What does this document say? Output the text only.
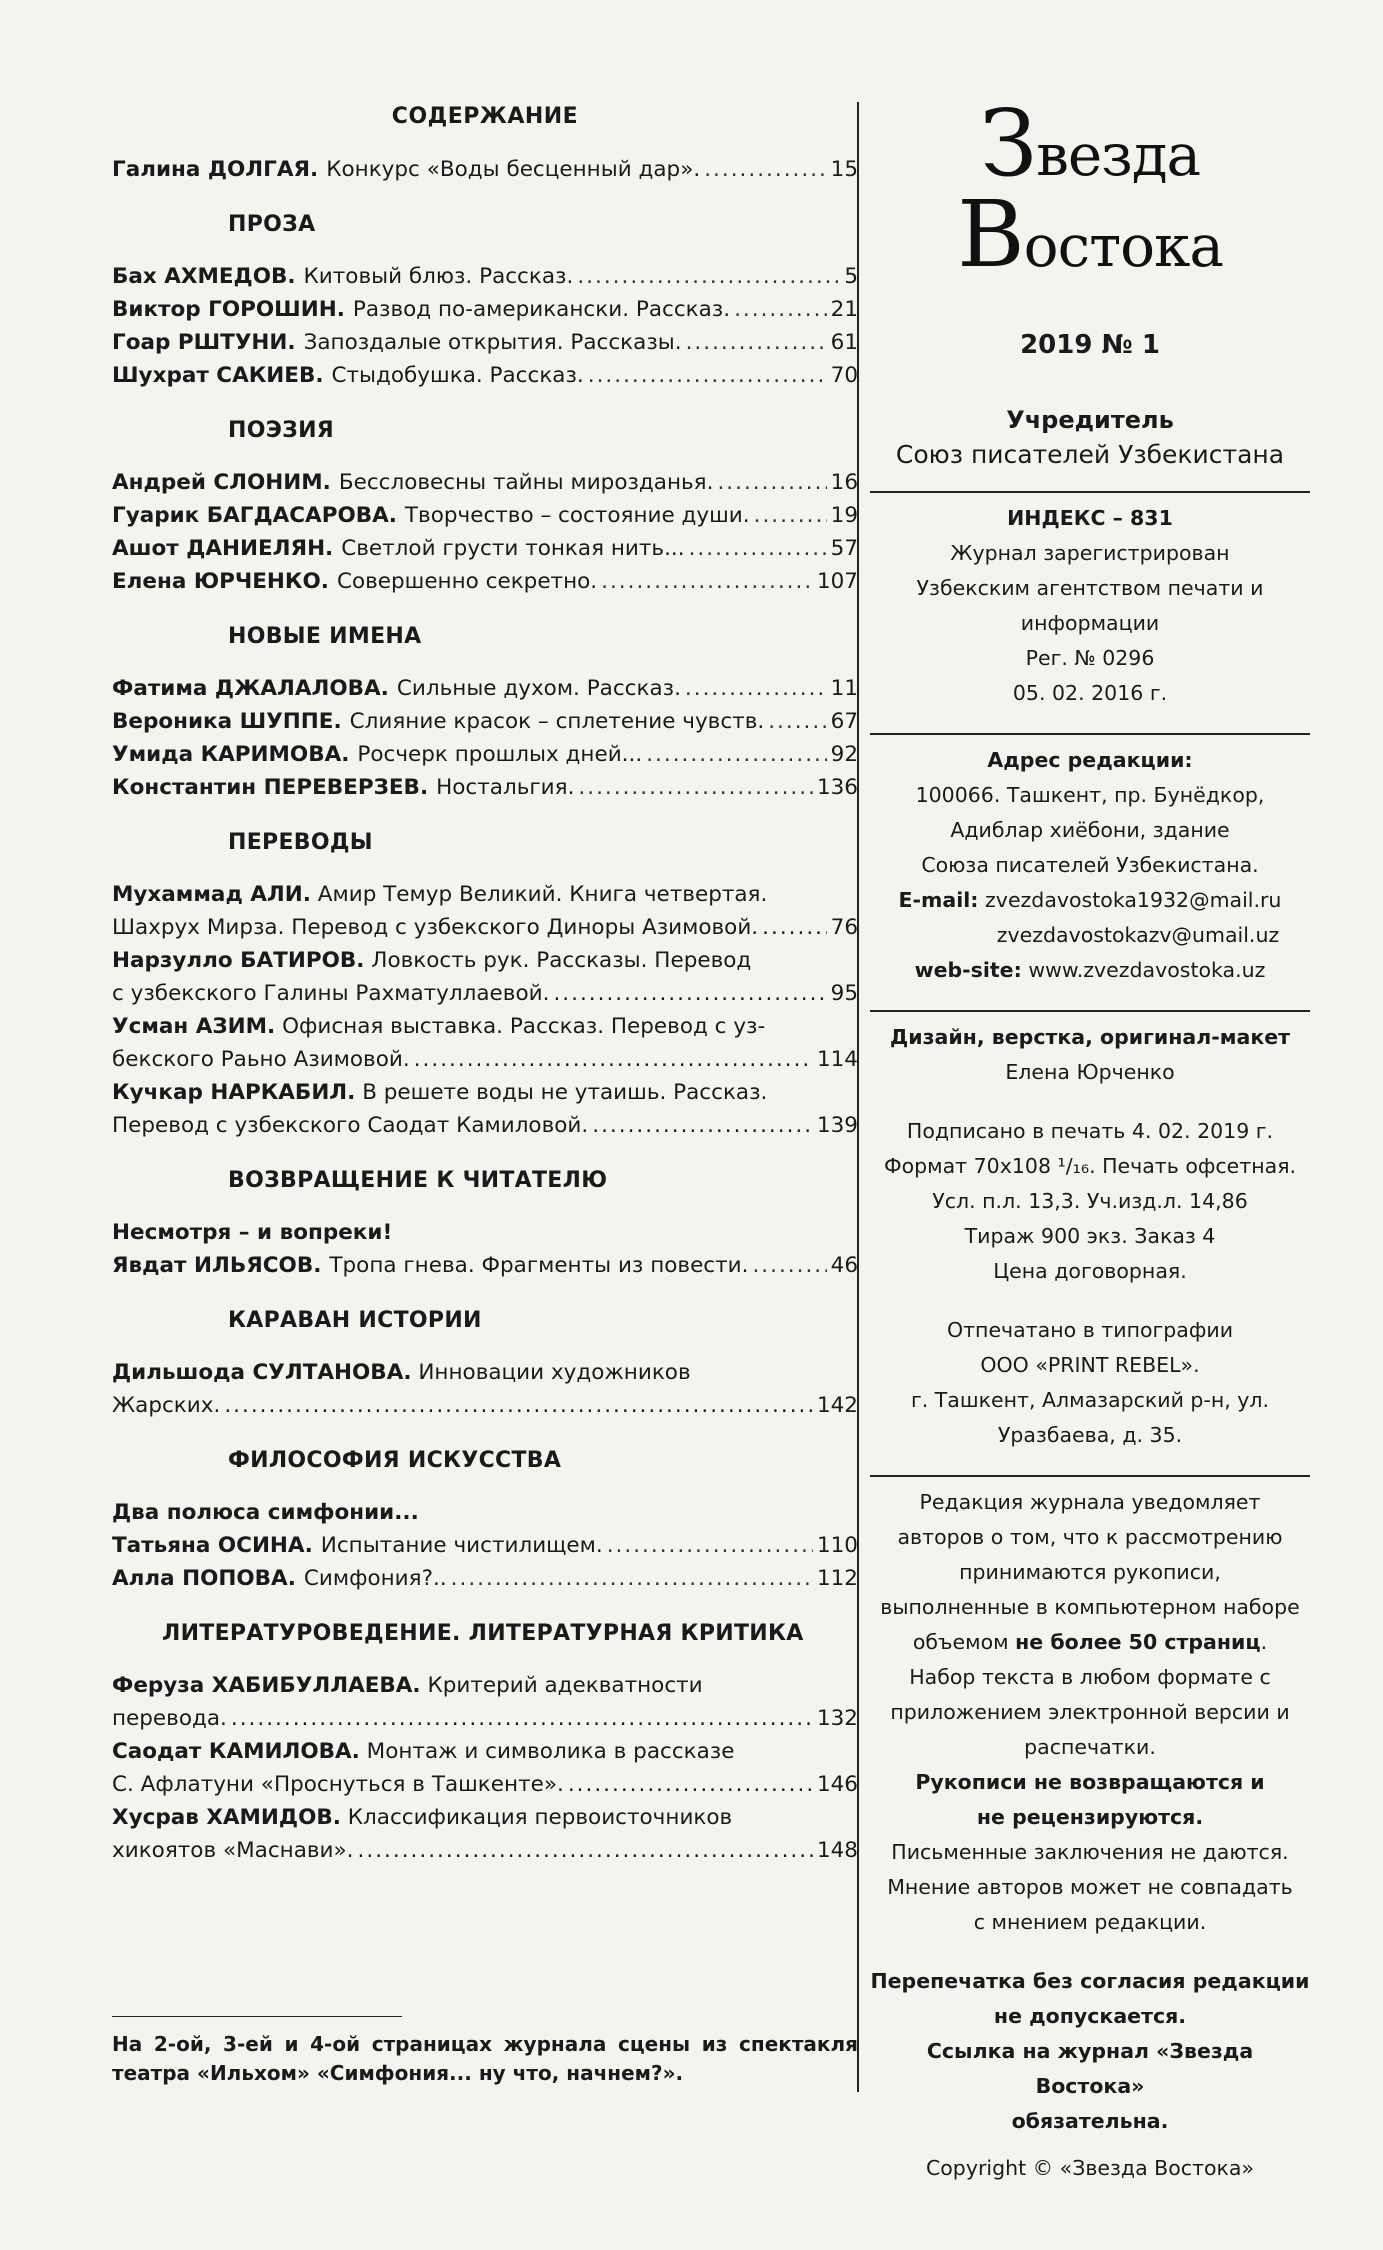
СОДЕРЖАНИЕ
Галина ДОЛГАЯ. Конкурс «Воды бесценный дар». .....	15
ПРОЗА
Бах АХМЕДОВ. Китовый блюз. Рассказ. .....	5
Виктор ГОРОШИН. Развод по-американски. Рассказ. .....	21
Гоар РШТУНИ. Запоздалые открытия. Рассказы. .....	61
Шухрат САКИЕВ. Стыдобушка. Рассказ. .....	70
ПОЭЗИЯ
Андрей СЛОНИМ. Бессловесны тайны мирозданья. .....	16
Гуарик БАГДАСАРОВА. Творчество – состояние души. .....	19
Ашот ДАНИЕЛЯН. Светлой грусти тонкая нить... .....	57
Елена ЮРЧЕНКО. Совершенно секретно. .....	107
НОВЫЕ ИМЕНА
Фатима ДЖАЛАЛОВА. Сильные духом. Рассказ. .....	11
Вероника ШУППЕ. Слияние красок – сплетение чувств. .....	67
Умида КАРИМОВА. Росчерк прошлых дней... .....	92
Константин ПЕРЕВЕРЗЕВ. Ностальгия. .....	136
ПЕРЕВОДЫ
Мухаммад АЛИ. Амир Темур Великий. Книга четвертая.
Шахрух Мирза. Перевод с узбекского Диноры Азимовой. .....	76
Нарзулло БАТИРОВ. Ловкость рук. Рассказы. Перевод
с узбекского Галины Рахматуллаевой. .....	95
Усман АЗИМ. Офисная выставка. Рассказ. Перевод с уз-
бекского Раьно Азимовой. .....	114
Кучкар НАРКАБИЛ. В решете воды не утаишь. Рассказ.
Перевод с узбекского Саодат Камиловой. .....	139
ВОЗВРАЩЕНИЕ К ЧИТАТЕЛЮ
Несмотря – и вопреки!
Явдат ИЛЬЯСОВ. Тропа гнева. Фрагменты из повести. .....	46
КАРАВАН ИСТОРИИ
Дильшода СУЛТАНОВА. Инновации художников
Жарских. .....	142
ФИЛОСОФИЯ ИСКУССТВА
Два полюса симфонии...
Татьяна ОСИНА. Испытание чистилищем. .....	110
Алла ПОПОВА. Симфония?.. .....	112
ЛИТЕРАТУРОВЕДЕНИЕ. ЛИТЕРАТУРНАЯ КРИТИКА
Феруза ХАБИБУЛЛАЕВА. Критерий адекватности
перевода. .....	132
Саодат КАМИЛОВА. Монтаж и символика в рассказе
С. Афлатуни «Проснуться в Ташкенте». .....	146
Хусрав ХАМИДОВ. Классификация первоисточников
хикоятов «Маснави». .....	148
На 2-ой, 3-ей и 4-ой страницах журнала сцены из спектакля театра «Ильхом» «Симфония... ну что, начнем?».
Звезда Востока
2019 № 1
Учредитель
Союз писателей Узбекистана
ИНДЕКС – 831
Журнал зарегистрирован
Узбекским агентством печати и
информации
Рег. № 0296
05. 02. 2016 г.
Адрес редакции:
100066. Ташкент, пр. Бунёдкор,
Адиблар хиёбони, здание
Союза писателей Узбекистана.
E-mail: zvezdavostoka1932@mail.ru
zvezdavostokazv@umail.uz
web-site: www.zvezdavostoka.uz
Дизайн, верстка, оригинал-макет
Елена Юрченко
Подписано в печать 4. 02. 2019 г.
Формат 70х108 ¹/₁₆. Печать офсетная.
Усл. п.л. 13,3. Уч.изд.л. 14,86
Тираж 900 экз. Заказ 4
Цена договорная.
Отпечатано в типографии
ООО «PRINT REBEL».
г. Ташкент, Алмазарский р-н, ул.
Уразбаева, д. 35.
Редакция журнала уведомляет
авторов о том, что к рассмотрению
принимаются рукописи,
выполненные в компьютерном наборе
объемом не более 50 страниц.
Набор текста в любом формате с
приложением электронной версии и
распечатки.
Рукописи не возвращаются и
не рецензируются.
Письменные заключения не даются.
Мнение авторов может не совпадать
с мнением редакции.
Перепечатка без согласия редакции
не допускается.
Ссылка на журнал «Звезда Востока»
обязательна.
Copyright © «Звезда Востока»
